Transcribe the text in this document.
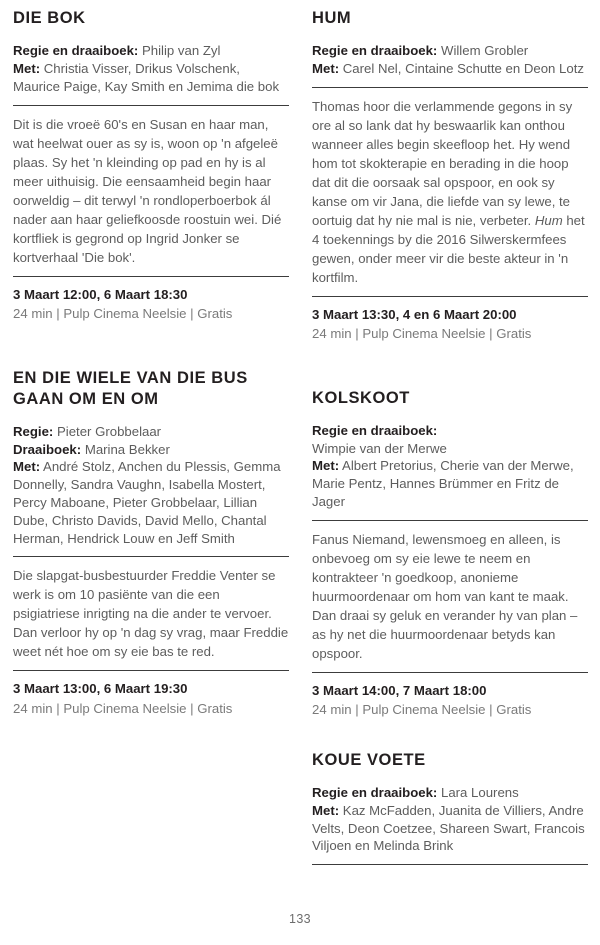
DIE BOK

Regie en draaiboek: Philip van Zyl
Met: Christia Visser, Drikus Volschenk, Maurice Paige, Kay Smith en Jemima die bok

Dit is die vroeë 60's en Susan en haar man, wat heelwat ouer as sy is, woon op 'n afgeleë plaas. Sy het 'n kleinding op pad en hy is al meer uithuisig. Die eensaamheid begin haar oorweldig – dit terwyl 'n rondloperboerbok ál nader aan haar geliefkoosde roostuin wei. Dié kortfliek is gegrond op Ingrid Jonker se kortverhaal 'Die bok'.

3 Maart 12:00, 6 Maart 18:30

24 min | Pulp Cinema Neelsie | Gratis

EN DIE WIELE VAN DIE BUS GAAN OM EN OM

Regie: Pieter Grobbelaar
Draaiboek: Marina Bekker
Met: André Stolz, Anchen du Plessis, Gemma Donnelly, Sandra Vaughn, Isabella Mostert, Percy Maboane, Pieter Grobbelaar, Lillian Dube, Christo Davids, David Mello, Chantal Herman, Hendrick Louw en Jeff Smith

Die slapgat-busbestuurder Freddie Venter se werk is om 10 pasiënte van die een psigiatriese inrigting na die ander te vervoer. Dan verloor hy op 'n dag sy vrag, maar Freddie weet nét hoe om sy eie bas te red.

3 Maart 13:00, 6 Maart 19:30

24 min | Pulp Cinema Neelsie | Gratis

HUM

Regie en draaiboek: Willem Grobler
Met: Carel Nel, Cintaine Schutte en Deon Lotz

Thomas hoor die verlammende gegons in sy ore al so lank dat hy beswaarlik kan onthou wanneer alles begin skeefloop het. Hy wend hom tot skokterapie en berading in die hoop dat dit die oorsaak sal opspoor, en ook sy kanse om vir Jana, die liefde van sy lewe, te oortuig dat hy nie mal is nie, verbeter. Hum het 4 toekennings by die 2016 Silwerskermfees gewen, onder meer vir die beste akteur in 'n kortfilm.

3 Maart 13:30, 4 en 6 Maart 20:00

24 min | Pulp Cinema Neelsie | Gratis

KOLSKOOT

Regie en draaiboek:
Wimpie van der Merwe
Met: Albert Pretorius, Cherie van der Merwe, Marie Pentz, Hannes Brümmer en Fritz de Jager

Fanus Niemand, lewensmoeg en alleen, is onbevoeg om sy eie lewe te neem en kontrakteer 'n goedkoop, anonieme huurmoordenaar om hom van kant te maak. Dan draai sy geluk en verander hy van plan – as hy net die huurmoordenaar betyds kan opspoor.

3 Maart 14:00, 7 Maart 18:00

24 min | Pulp Cinema Neelsie | Gratis

KOUE VOETE

Regie en draaiboek: Lara Lourens
Met: Kaz McFadden, Juanita de Villiers, Andre Velts, Deon Coetzee, Shareen Swart, Francois Viljoen en Melinda Brink

133
